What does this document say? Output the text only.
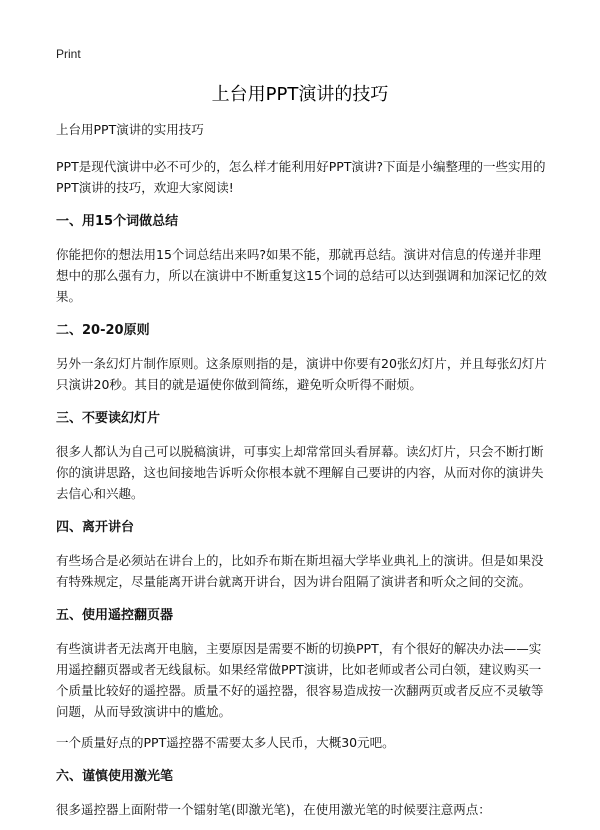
Print
上台用PPT演讲的技巧

上台用PPT演讲的实用技巧

PPT是现代演讲中必不可少的，怎么样才能利用好PPT演讲?下面是小编整理的一些实用的PPT演讲的技巧，欢迎大家阅读!

一、用15个词做总结

你能把你的想法用15个词总结出来吗?如果不能，那就再总结。演讲对信息的传递并非理想中的那么强有力，所以在演讲中不断重复这15个词的总结可以达到强调和加深记忆的效果。

二、20-20原则

另外一条幻灯片制作原则。这条原则指的是，演讲中你要有20张幻灯片，并且每张幻灯片只演讲20秒。其目的就是逼使你做到简练，避免听众听得不耐烦。

三、不要读幻灯片

很多人都认为自己可以脱稿演讲，可事实上却常常回头看屏幕。读幻灯片，只会不断打断你的演讲思路，这也间接地告诉听众你根本就不理解自己要讲的内容，从而对你的演讲失去信心和兴趣。

四、离开讲台

有些场合是必须站在讲台上的，比如乔布斯在斯坦福大学毕业典礼上的演讲。但是如果没有特殊规定，尽量能离开讲台就离开讲台，因为讲台阻隔了演讲者和听众之间的交流。

五、使用遥控翻页器

有些演讲者无法离开电脑，主要原因是需要不断的切换PPT，有个很好的解决办法——实用遥控翻页器或者无线鼠标。如果经常做PPT演讲，比如老师或者公司白领，建议购买一个质量比较好的遥控器。质量不好的遥控器，很容易造成按一次翻两页或者反应不灵敏等问题，从而导致演讲中的尴尬。

一个质量好点的PPT遥控器不需要太多人民币，大概30元吧。

六、谨慎使用激光笔

很多遥控器上面附带一个镭射笔(即激光笔)，在使用激光笔的时候要注意两点：
